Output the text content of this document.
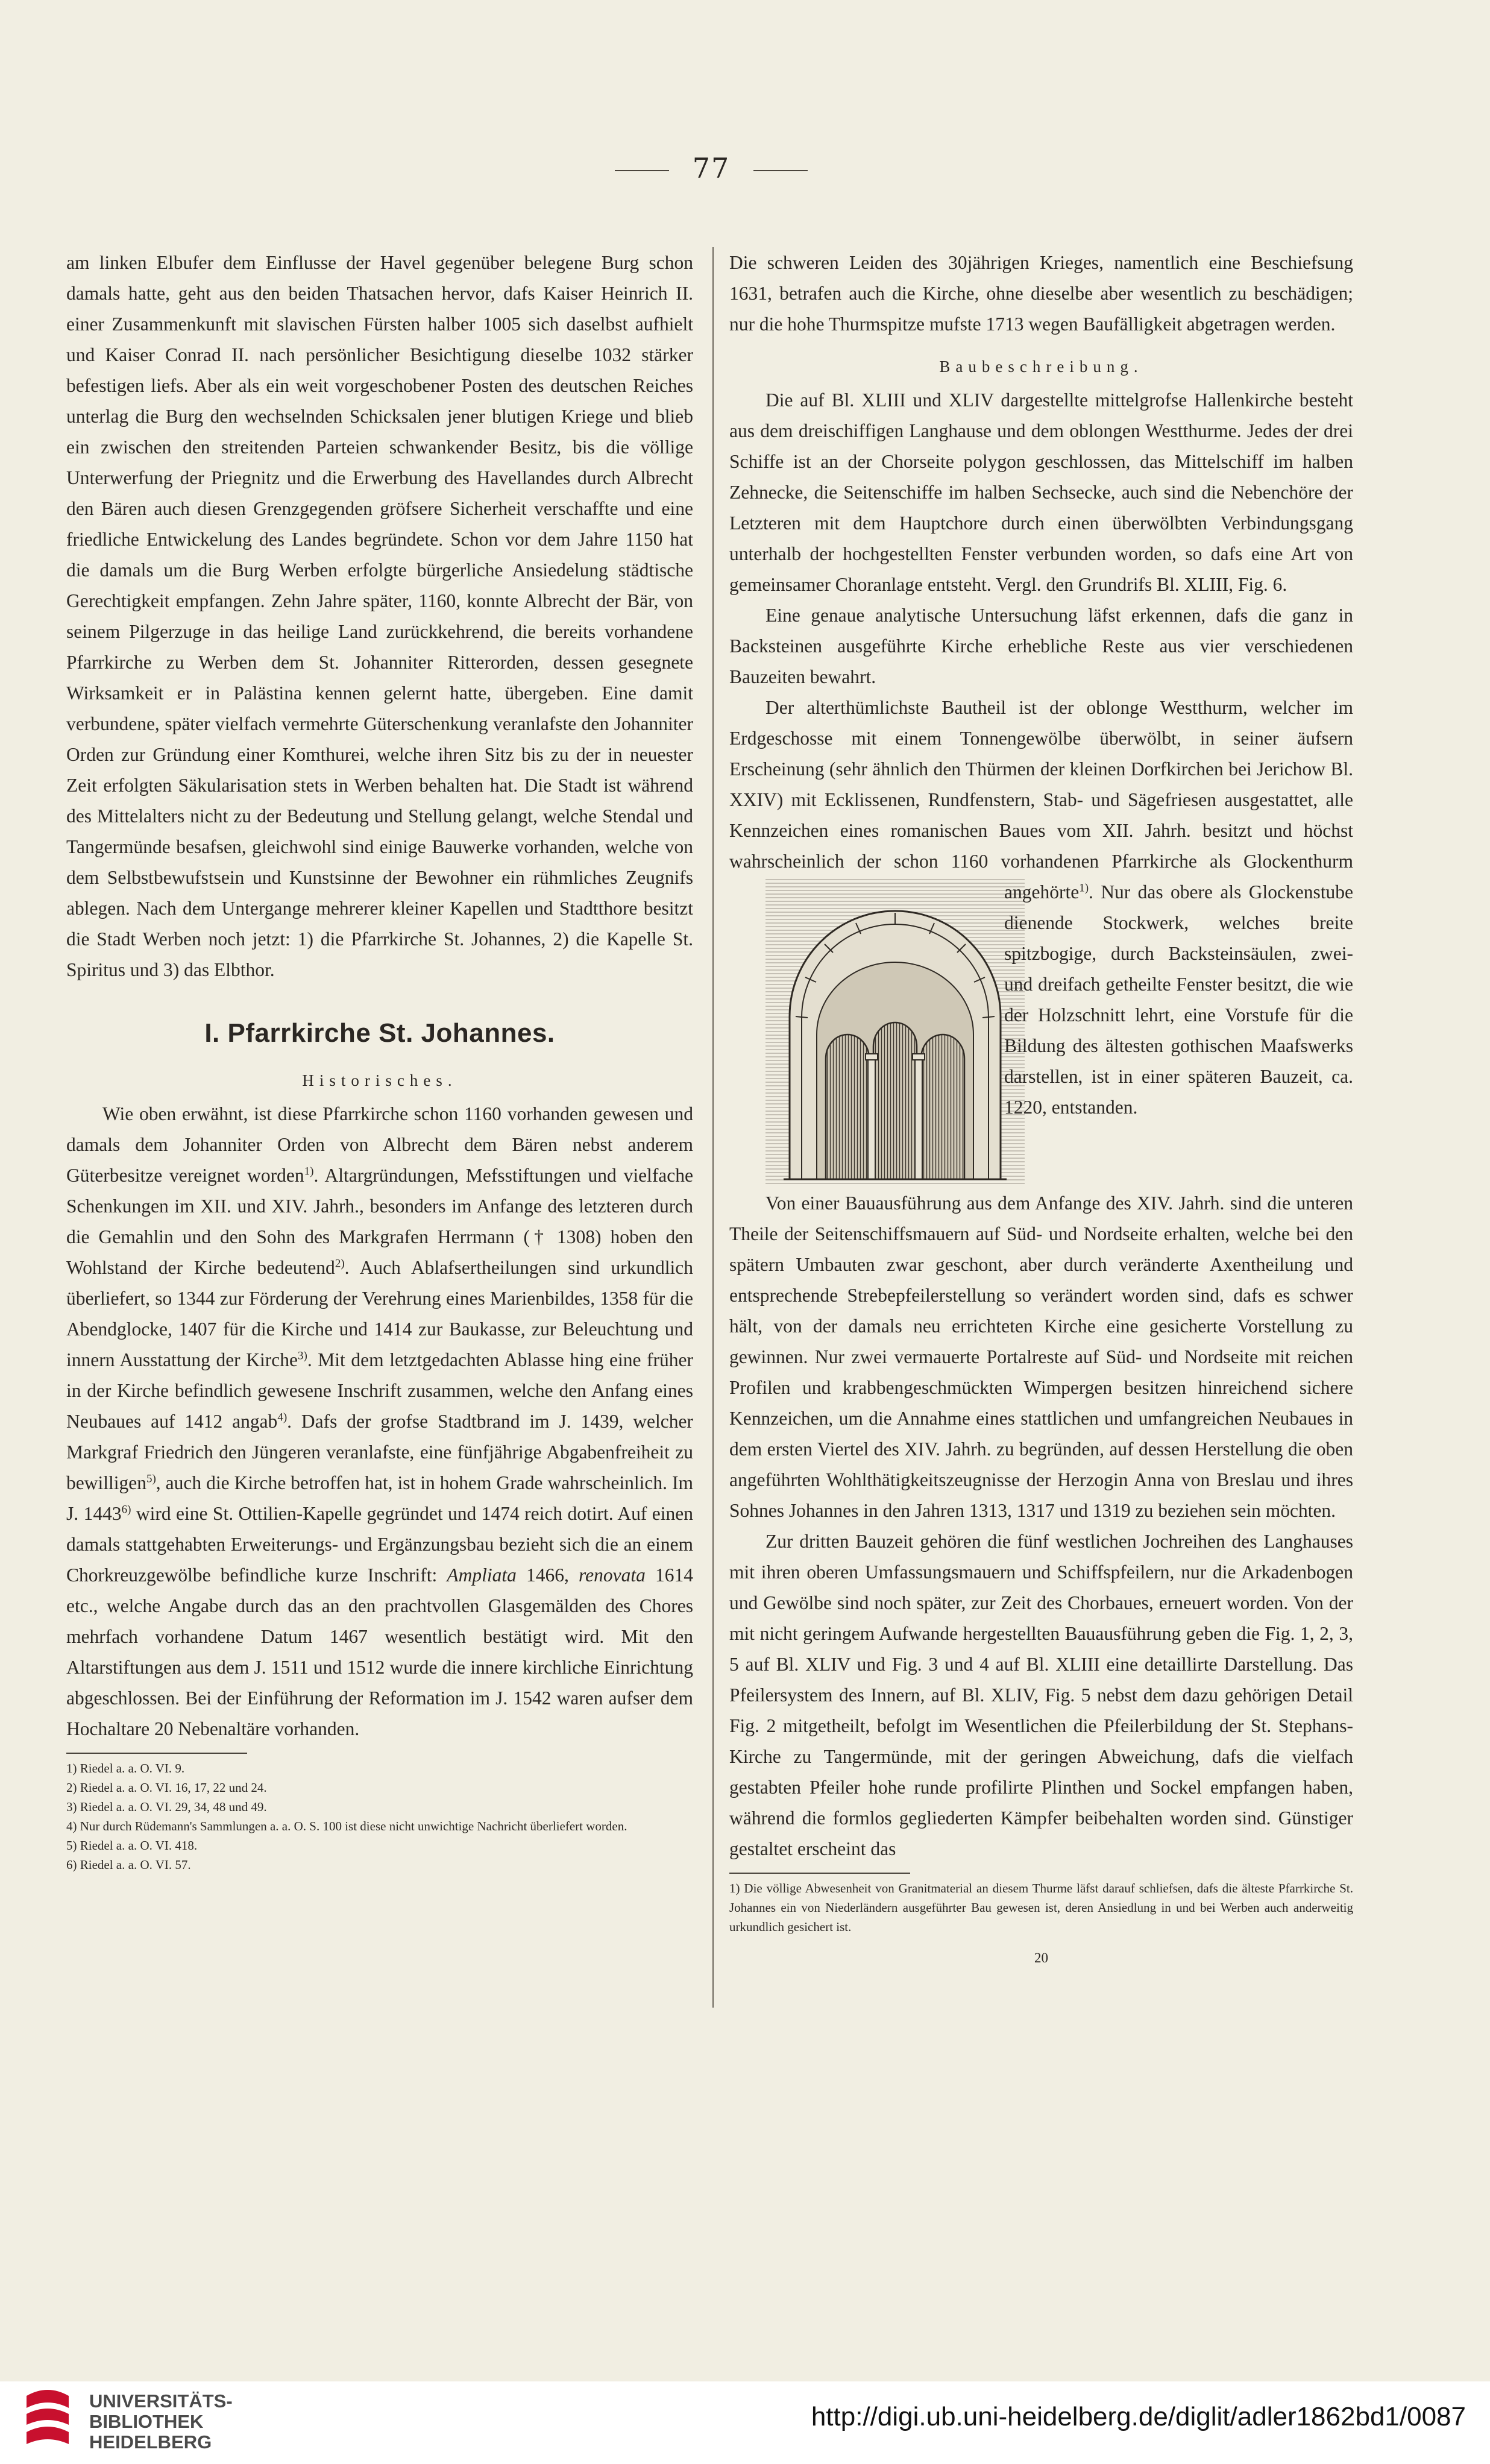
77

am linken Elbufer dem Einflusse der Havel gegenüber belegene Burg schon damals hatte, geht aus den beiden Thatsachen hervor, dafs Kaiser Heinrich II. einer Zusammenkunft mit slavischen Fürsten halber 1005 sich daselbst aufhielt und Kaiser Conrad II. nach persönlicher Besichtigung dieselbe 1032 stärker befestigen liefs. Aber als ein weit vorgeschobener Posten des deutschen Reiches unterlag die Burg den wechselnden Schicksalen jener blutigen Kriege und blieb ein zwischen den streitenden Parteien schwankender Besitz, bis die völlige Unterwerfung der Priegnitz und die Erwerbung des Havellandes durch Albrecht den Bären auch diesen Grenzgegenden gröfsere Sicherheit verschaffte und eine friedliche Entwickelung des Landes begründete. Schon vor dem Jahre 1150 hat die damals um die Burg Werben erfolgte bürgerliche Ansiedelung städtische Gerechtigkeit empfangen. Zehn Jahre später, 1160, konnte Albrecht der Bär, von seinem Pilgerzuge in das heilige Land zurückkehrend, die bereits vorhandene Pfarrkirche zu Werben dem St. Johanniter Ritterorden, dessen gesegnete Wirksamkeit er in Palästina kennen gelernt hatte, übergeben. Eine damit verbundene, später vielfach vermehrte Güterschenkung veranlafste den Johanniter Orden zur Gründung einer Komthurei, welche ihren Sitz bis zu der in neuester Zeit erfolgten Säkularisation stets in Werben behalten hat. Die Stadt ist während des Mittelalters nicht zu der Bedeutung und Stellung gelangt, welche Stendal und Tangermünde besafsen, gleichwohl sind einige Bauwerke vorhanden, welche von dem Selbstbewufstsein und Kunstsinne der Bewohner ein rühmliches Zeugnifs ablegen. Nach dem Untergange mehrerer kleiner Kapellen und Stadtthore besitzt die Stadt Werben noch jetzt: 1) die Pfarrkirche St. Johannes, 2) die Kapelle St. Spiritus und 3) das Elbthor.

I. Pfarrkirche St. Johannes.
Historisches.

Wie oben erwähnt, ist diese Pfarrkirche schon 1160 vorhanden gewesen und damals dem Johanniter Orden von Albrecht dem Bären nebst anderem Güterbesitze vereignet worden$^{1)}$. Altargründungen, Mefsstiftungen und vielfache Schenkungen im XII. und XIV. Jahrh., besonders im Anfange des letzteren durch die Gemahlin und den Sohn des Markgrafen Herrmann († 1308) hoben den Wohlstand der Kirche bedeutend$^{2)}$. Auch Ablafsertheilungen sind urkundlich überliefert, so 1344 zur Förderung der Verehrung eines Marienbildes, 1358 für die Abendglocke, 1407 für die Kirche und 1414 zur Baukasse, zur Beleuchtung und innern Ausstattung der Kirche$^{3)}$. Mit dem letztgedachten Ablasse hing eine früher in der Kirche befindlich gewesene Inschrift zusammen, welche den Anfang eines Neubaues auf 1412 angab$^{4)}$. Dafs der grofse Stadtbrand im J. 1439, welcher Markgraf Friedrich den Jüngeren veranlafste, eine fünfjährige Abgabenfreiheit zu bewilligen$^{5)}$, auch die Kirche betroffen hat, ist in hohem Grade wahrscheinlich. Im J. 1443$^{6)}$ wird eine St. Ottilien-Kapelle gegründet und 1474 reich dotirt. Auf einen damals stattgehabten Erweiterungs- und Ergänzungsbau bezieht sich die an einem Chorkreuzgewölbe befindliche kurze Inschrift: Ampliata 1466, renovata 1614 etc., welche Angabe durch das an den prachtvollen Glasgemälden des Chores mehrfach vorhandene Datum 1467 wesentlich bestätigt wird. Mit den Altarstiftungen aus dem J. 1511 und 1512 wurde die innere kirchliche Einrichtung abgeschlossen. Bei der Einführung der Reformation im J. 1542 waren aufser dem Hochaltare 20 Nebenaltäre vorhanden.

1) Riedel a. a. O. VI. 9.

2) Riedel a. a. O. VI. 16, 17, 22 und 24.

3) Riedel a. a. O. VI. 29, 34, 48 und 49.

4) Nur durch Rüdemann's Sammlungen a. a. O. S. 100 ist diese nicht unwichtige Nachricht überliefert worden.

5) Riedel a. a. O. VI. 418.

6) Riedel a. a. O. VI. 57.

Die schweren Leiden des 30jährigen Krieges, namentlich eine Beschiefsung 1631, betrafen auch die Kirche, ohne dieselbe aber wesentlich zu beschädigen; nur die hohe Thurmspitze mufste 1713 wegen Baufälligkeit abgetragen werden.

Baubeschreibung.

Die auf Bl. XLIII und XLIV dargestellte mittelgrofse Hallenkirche besteht aus dem dreischiffigen Langhause und dem oblongen Westthurme. Jedes der drei Schiffe ist an der Chorseite polygon geschlossen, das Mittelschiff im halben Zehnecke, die Seitenschiffe im halben Sechsecke, auch sind die Nebenchöre der Letzteren mit dem Hauptchore durch einen überwölbten Verbindungsgang unterhalb der hochgestellten Fenster verbunden worden, so dafs eine Art von gemeinsamer Choranlage entsteht. Vergl. den Grundrifs Bl. XLIII, Fig. 6.

Eine genaue analytische Untersuchung läfst erkennen, dafs die ganz in Backsteinen ausgeführte Kirche erhebliche Reste aus vier verschiedenen Bauzeiten bewahrt.

Der alterthümlichste Bautheil ist der oblonge Westthurm, welcher im Erdgeschosse mit einem Tonnengewölbe überwölbt, in seiner äufsern Erscheinung (sehr ähnlich den Thürmen der kleinen Dorfkirchen bei Jerichow Bl. XXIV) mit Ecklissenen, Rundfenstern, Stab- und Sägefriesen ausgestattet, alle Kennzeichen eines romanischen Baues vom XII. Jahrh. besitzt und höchst wahrscheinlich der schon 1160 vorhandenen Pfarrkirche als Glockenthurm angehörte$^{1)}$
. Nur das obere als Glockenstube dienende Stockwerk, welches breite spitzbogige, durch Backsteinsäulen, zwei- und dreifach getheilte Fenster besitzt, die wie der Holzschnitt lehrt, eine Vorstufe für die Bildung des ältesten gothischen Maafswerks darstellen, ist in einer späteren Bauzeit, ca. 1220, entstanden.

Von einer Bauausführung aus dem Anfange des XIV. Jahrh. sind die unteren Theile der Seitenschiffsmauern auf Süd- und Nordseite erhalten, welche bei den spätern Umbauten zwar geschont, aber durch veränderte Axentheilung und entsprechende Strebepfeilerstellung so verändert worden sind, dafs es schwer hält, von der damals neu errichteten Kirche eine gesicherte Vorstellung zu gewinnen. Nur zwei vermauerte Portalreste auf Süd- und Nordseite mit reichen Profilen und krabbengeschmückten Wimpergen besitzen hinreichend sichere Kennzeichen, um die Annahme eines stattlichen und umfangreichen Neubaues in dem ersten Viertel des XIV. Jahrh. zu begründen, auf dessen Herstellung die oben angeführten Wohlthätigkeitszeugnisse der Herzogin Anna von Breslau und ihres Sohnes Johannes in den Jahren 1313, 1317 und 1319 zu beziehen sein möchten.

Zur dritten Bauzeit gehören die fünf westlichen Jochreihen des Langhauses mit ihren oberen Umfassungsmauern und Schiffspfeilern, nur die Arkadenbogen und Gewölbe sind noch später, zur Zeit des Chorbaues, erneuert worden. Von der mit nicht geringem Aufwande hergestellten Bauausführung geben die Fig. 1, 2, 3, 5 auf Bl. XLIV und Fig. 3 und 4 auf Bl. XLIII eine detaillirte Darstellung. Das Pfeilersystem des Innern, auf Bl. XLIV, Fig. 5 nebst dem dazu gehörigen Detail Fig. 2 mitgetheilt, befolgt im Wesentlichen die Pfeilerbildung der St. Stephans-Kirche zu Tangermünde, mit der geringen Abweichung, dafs die vielfach gestabten Pfeiler hohe runde profilirte Plinthen und Sockel empfangen haben, während die formlos gegliederten Kämpfer beibehalten worden sind. Günstiger gestaltet erscheint das

1) Die völlige Abwesenheit von Granitmaterial an diesem Thurme läfst darauf schliefsen, dafs die älteste Pfarrkirche St. Johannes ein von Niederländern ausgeführter Bau gewesen ist, deren Ansiedlung in und bei Werben auch anderweitig urkundlich gesichert ist.

20
UNIVERSITÄTS-
BIBLIOTHEK
HEIDELBERG
http://digi.ub.uni-heidelberg.de/diglit/adler1862bd1/0087
